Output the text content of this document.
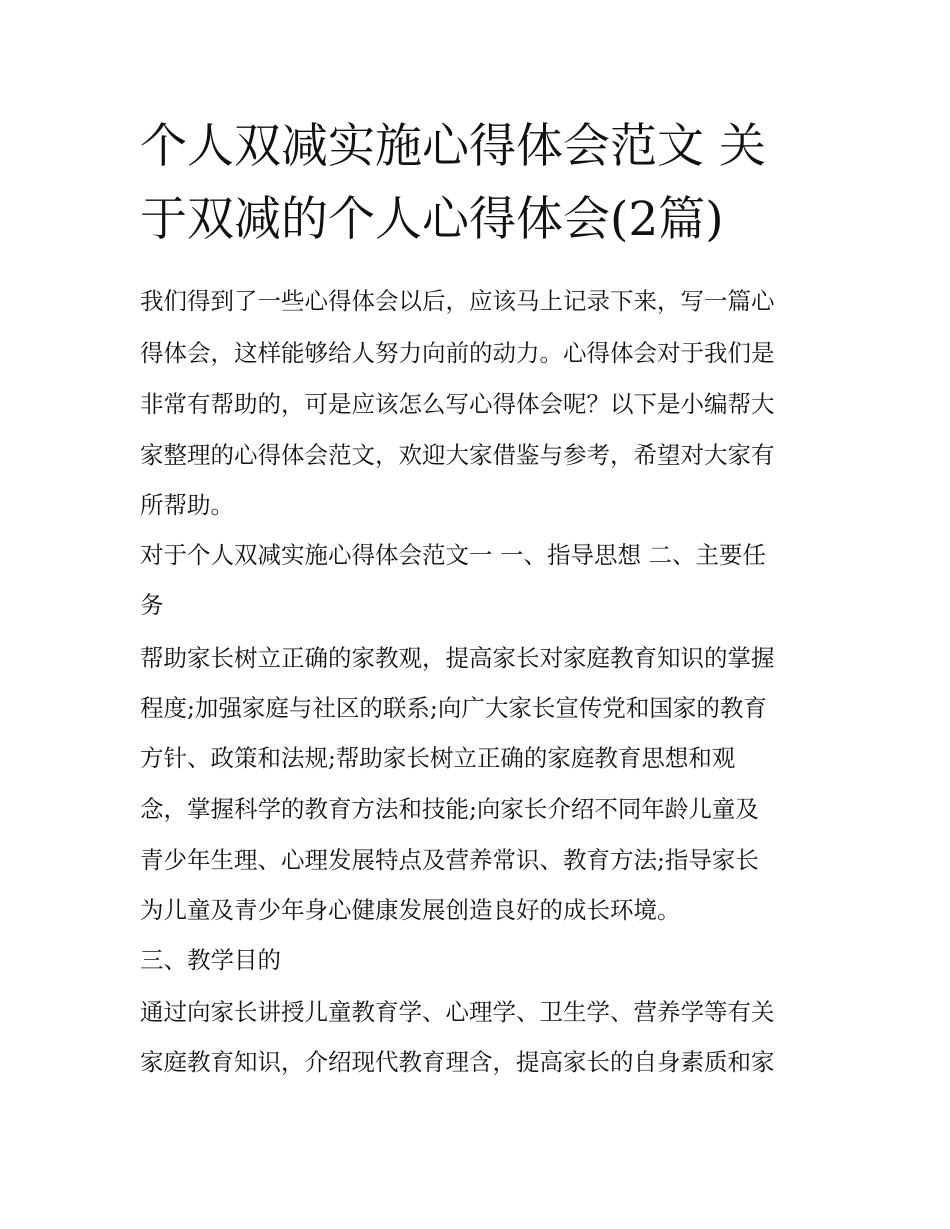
个人双减实施心得体会范文 关
于双减的个人心得体会(2篇)

我们得到了一些心得体会以后，应该马上记录下来，写一篇心

得体会，这样能够给人努力向前的动力。心得体会对于我们是

非常有帮助的，可是应该怎么写心得体会呢？以下是小编帮大

家整理的心得体会范文，欢迎大家借鉴与参考，希望对大家有

所帮助。

对于个人双减实施心得体会范文一 一、指导思想 二、主要任

务

帮助家长树立正确的家教观，提高家长对家庭教育知识的掌握

程度;加强家庭与社区的联系;向广大家长宣传党和国家的教育

方针、政策和法规;帮助家长树立正确的家庭教育思想和观

念，掌握科学的教育方法和技能;向家长介绍不同年龄儿童及

青少年生理、心理发展特点及营养常识、教育方法;指导家长

为儿童及青少年身心健康发展创造良好的成长环境。

三、教学目的

通过向家长讲授儿童教育学、心理学、卫生学、营养学等有关

家庭教育知识，介绍现代教育理含，提高家长的自身素质和家
